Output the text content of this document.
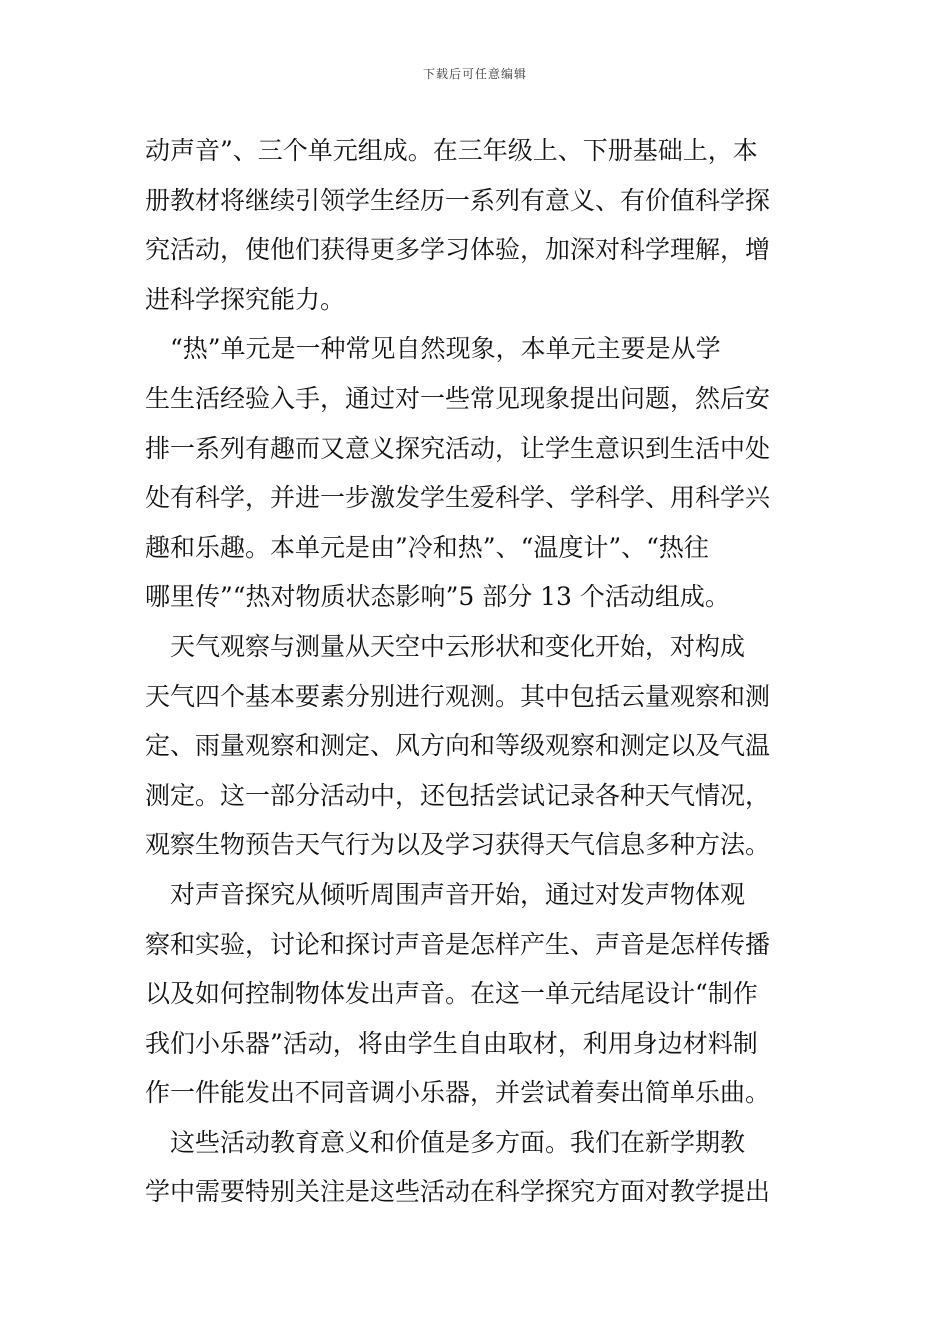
下载后可任意编辑
动声音”、三个单元组成。在三年级上、下册基础上，本
册教材将继续引领学生经历一系列有意义、有价值科学探
究活动，使他们获得更多学习体验，加深对科学理解，增
进科学探究能力。
　“热”单元是一种常见自然现象，本单元主要是从学
生生活经验入手，通过对一些常见现象提出问题，然后安
排一系列有趣而又意义探究活动，让学生意识到生活中处
处有科学，并进一步激发学生爱科学、学科学、用科学兴
趣和乐趣。本单元是由”冷和热”、“温度计”、“热往
哪里传”“热对物质状态影响”5 部分 13 个活动组成。
　天气观察与测量从天空中云形状和变化开始，对构成
天气四个基本要素分别进行观测。其中包括云量观察和测
定、雨量观察和测定、风方向和等级观察和测定以及气温
测定。这一部分活动中，还包括尝试记录各种天气情况，
观察生物预告天气行为以及学习获得天气信息多种方法。
　对声音探究从倾听周围声音开始，通过对发声物体观
察和实验，讨论和探讨声音是怎样产生、声音是怎样传播
以及如何控制物体发出声音。在这一单元结尾设计“制作
我们小乐器”活动，将由学生自由取材，利用身边材料制
作一件能发出不同音调小乐器，并尝试着奏出简单乐曲。
　这些活动教育意义和价值是多方面。我们在新学期教
学中需要特别关注是这些活动在科学探究方面对教学提出
